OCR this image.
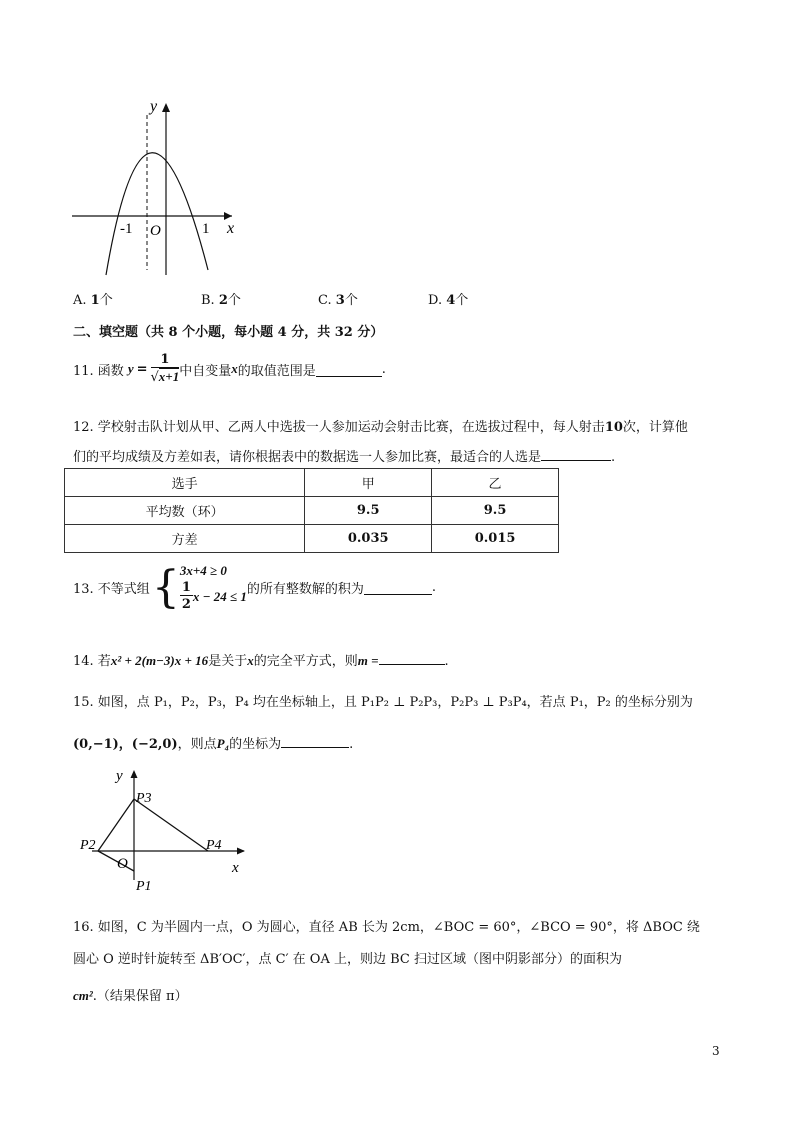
y
x
-1	1
O
A. 1个	B. 2个	C. 3个	D. 4个
二、填空题（共 8 个小题，每小题 4 分，共 32 分）
11. 函数 $y = \frac{1}{√x+1}$ 中自变量 x 的取值范围是	.
12. 学校射击队计划从甲、乙两人中选拔一人参加运动会射击比赛，在选拔过程中，每人射击10次，计算他
们的平均成绩及方差如表，请你根据表中的数据选一人参加比赛，最适合的人选是	.
选手	甲	乙
平均数（环）	9.5	9.5
方差	0.035	0.015
13. 不等式组 { 3x+4 ≥ 0
$\frac{1}{2}$ x − 24 ≤ 1 的所有整数解的积为	.
14. 若x² + 2(m−3)x + 16是关于x的完全平方式，则m =	.
15. 如图，点 P₁，P₂，P₃，P₄ 均在坐标轴上，且 P₁P₂ ⊥ P₂P₃，P₂P₃ ⊥ P₃P₄，若点 P₁，P₂ 的坐标分别为
(0,−1)，(−2,0)，则点P₄的坐标为	.
y
x
O
P3
P2	P4
P1
16. 如图，C 为半圆内一点，O 为圆心，直径 AB 长为 2cm，∠BOC = 60°，∠BCO = 90°，将 ΔBOC 绕
圆心 O 逆时针旋转至 ΔB′OC′，点 C′ 在 OA 上，则边 BC 扫过区域（图中阴影部分）的面积为
cm².（结果保留 π）
3
